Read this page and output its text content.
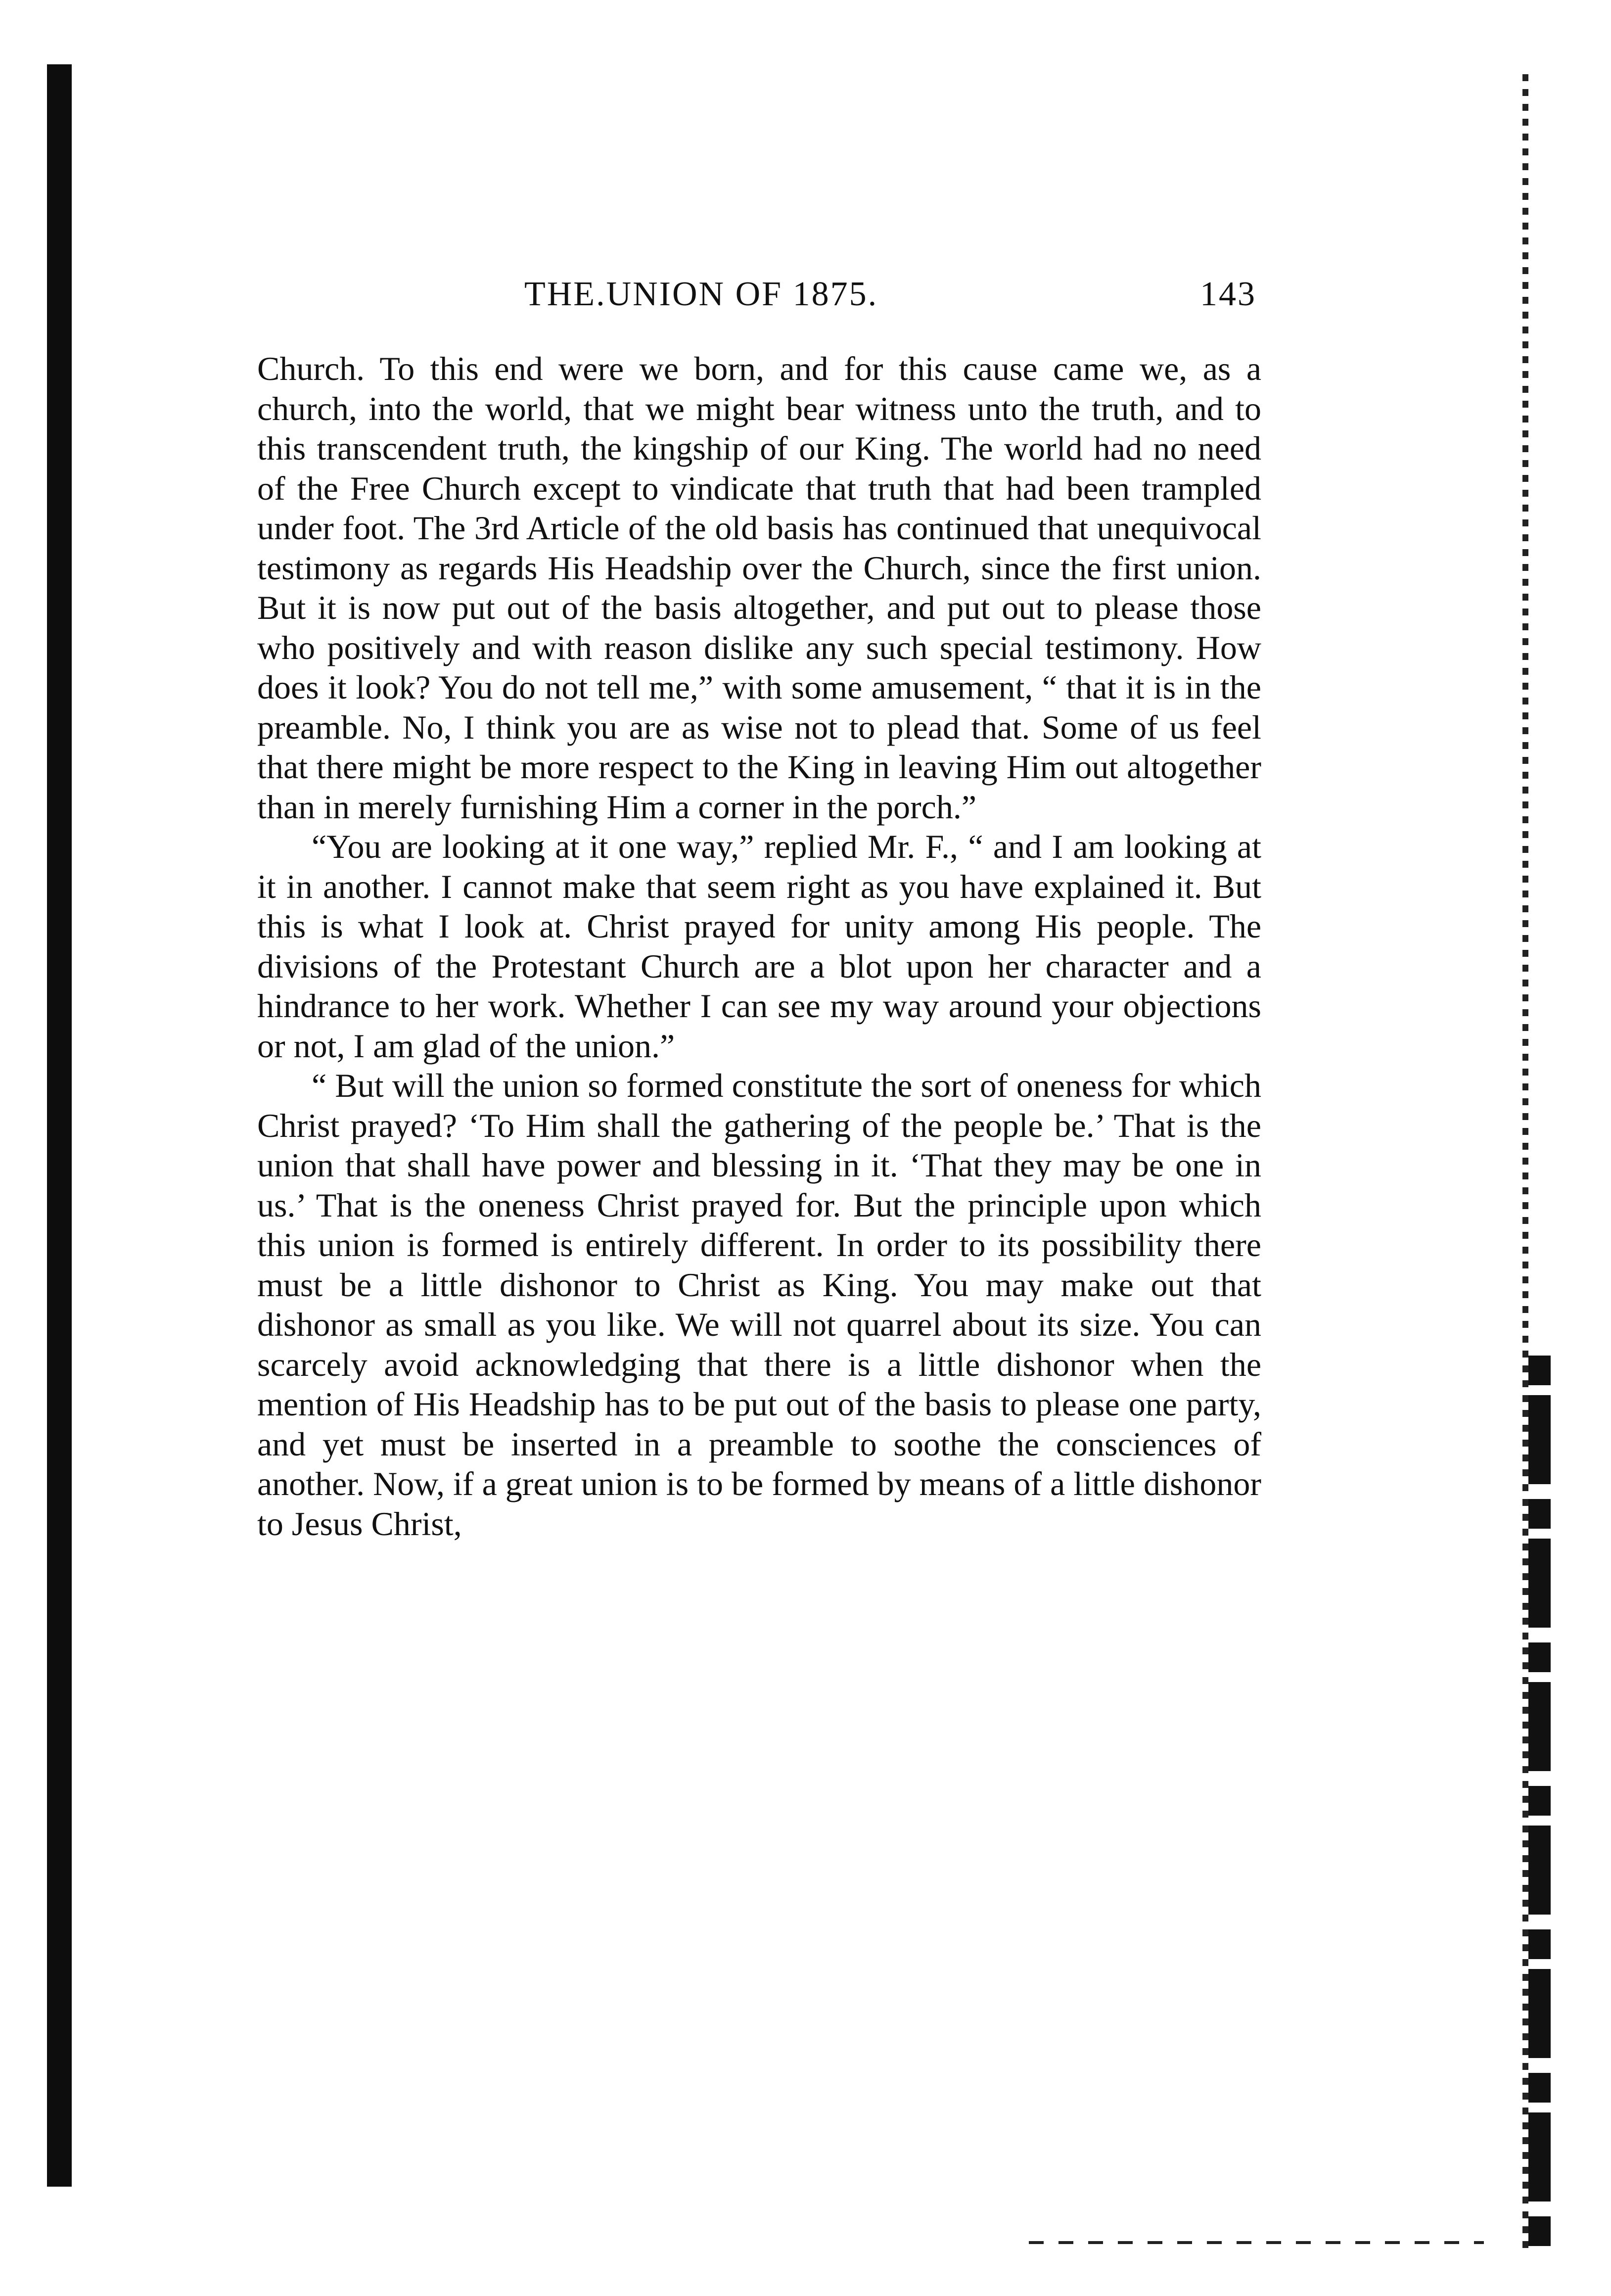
THE.UNION OF 1875.	143

Church. To this end were we born, and for this cause came we, as a church, into the world, that we might bear witness unto the truth, and to this transcendent truth, the kingship of our King. The world had no need of the Free Church except to vindicate that truth that had been trampled under foot. The 3rd Article of the old basis has continued that unequivocal testimony as regards His Headship over the Church, since the first union. But it is now put out of the basis altogether, and put out to please those who positively and with reason dislike any such special testimony. How does it look? You do not tell me,” with some amusement, “ that it is in the preamble. No, I think you are as wise not to plead that. Some of us feel that there might be more respect to the King in leaving Him out altogether than in merely furnishing Him a corner in the porch.”

“You are looking at it one way,” replied Mr. F., “ and I am looking at it in another. I cannot make that seem right as you have explained it. But this is what I look at. Christ prayed for unity among His people. The divisions of the Protestant Church are a blot upon her character and a hindrance to her work. Whether I can see my way around your objections or not, I am glad of the union.”

“ But will the union so formed constitute the sort of oneness for which Christ prayed? ‘To Him shall the gathering of the people be.’ That is the union that shall have power and blessing in it. ‘That they may be one in us.’ That is the oneness Christ prayed for. But the principle upon which this union is formed is entirely different. In order to its possibility there must be a little dishonor to Christ as King. You may make out that dishonor as small as you like. We will not quarrel about its size. You can scarcely avoid acknowledging that there is a little dishonor when the mention of His Headship has to be put out of the basis to please one party, and yet must be inserted in a preamble to soothe the consciences of another. Now, if a great union is to be formed by means of a little dishonor to Jesus Christ,
